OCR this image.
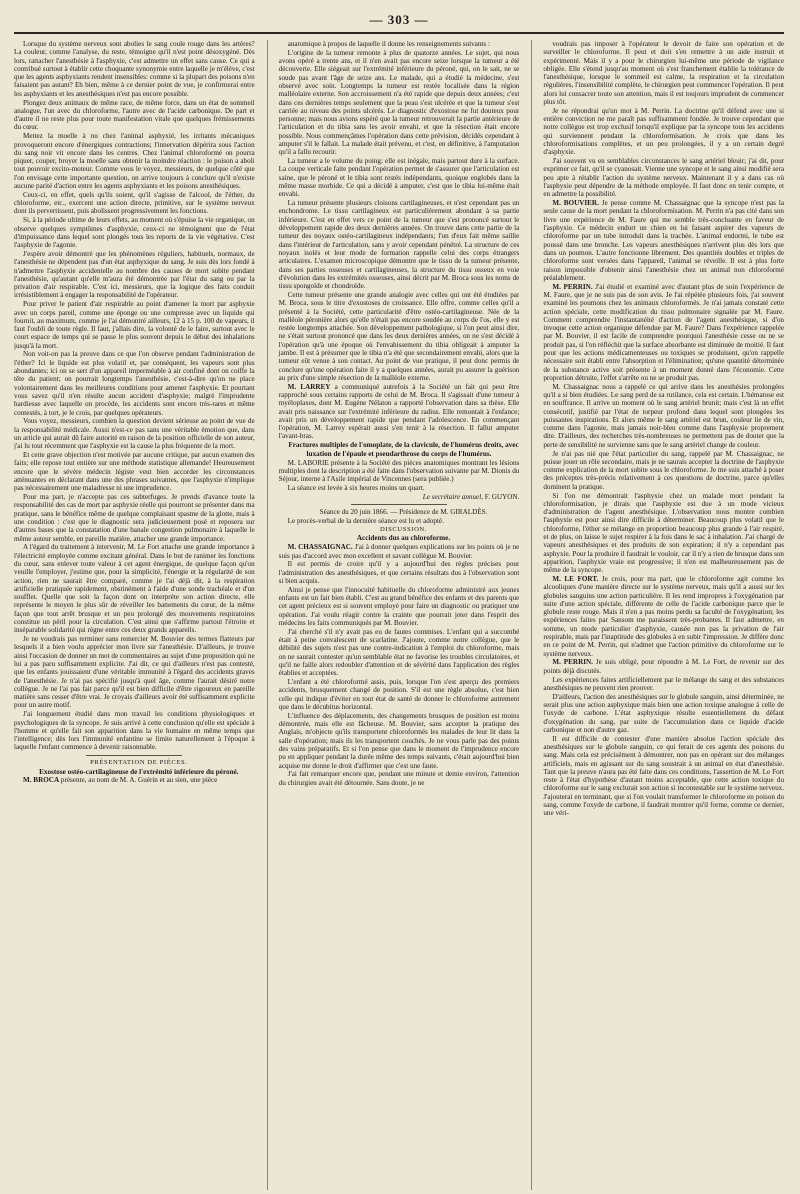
— 303 —

Lorsque du système nerveux sont abolies le sang coule rouge dans les artères? La couleur, comme l'analyse, du reste, témoigne qu'il n'est point désoxygéné. Dès lors, rattacher l'anesthésie à l'asphyxie, c'est admettre un effet sans cause. Ce qui a contribué surtout à établir cette choquante synonymie entre laquelle je m'élève, c'est que les agents asphyxiants rendent insensibles: comme si la plupart des poisons n'en faisaient pas autant? Eh bien, même à ce dernier point de vue, je confirmerai entre les asphyxiants et les anesthésiques n'est pas encore possible.

Plongez deux animaux de même race, de même force, dans un état de sommeil analogue, l'un avec du chloroforme, l'autre avec de l'acide carbonique. De part et d'autre il ne reste plus pour toute manifestation vitale que quelques frémissements du cœur.

Mettez la moelle à nu chez l'animal asphyxié, les irritants mécaniques provoqueront encore d'énergiques contractions; l'innervation dépérira sous l'action du sang noir vit encore dans les centres. Chez l'animal chloroformé on pourra piquer, couper, broyer la moelle sans obtenir la moindre réaction : le poison a aboli tout pouvoir excito-moteur. Comme vous le voyez, messieurs, de quelque côté que l'on envisage cette importante question, on arrive toujours à conclure qu'il n'existe aucune parité d'action entre les agents asphyxiants et les poisons anesthésiques.

Ceux-ci, en effet, quels qu'ils soient, qu'il s'agisse de l'alcool, de l'éther, du chloroforme, etc., exercent une action directe, primitive, sur le système nerveux dont ils pervertissent, puis abolissent progressivement les fonctions.

Si, à la période ultime de leurs effets, au moment où s'épuise la vie organique, on observe quelques symptômes d'asphyxie, ceux-ci ne témoignent que de l'état d'impuissance dans lequel sont plongés tous les reports de la vie végétative. C'est l'asphyxie de l'agonie.

J'espère avoir démontré que les phénomènes réguliers, habituels, normaux, de l'anesthésie ne dépendent pas d'un état asphyxique du sang. Je suis dès lors fondé à n'admettre l'asphyxie accidentelle au nombre des causes de mort subite pendant l'anesthésie, qu'autant qu'elle m'aura été démontrée par l'état du sang ou par la privation d'air respirable. C'est ici, messieurs, que la logique des faits conduit irrésistiblement à engager la responsabilité de l'opérateur.

Pour priver le patient d'air respirable au point d'amener la mort par asphyxie avec un corps pareil, comme une éponge ou une compresse avec un liquide qui fournit, au maximum, comme je l'ai démontré ailleurs, 12 à 15 p. 100 de vapeurs, il faut l'oubli de toute règle. Il faut, j'allais dire, la volonté de le faire, surtout avec le court espace de temps qui se passe le plus souvent depuis le début des inhalations jusqu'à la mort.

Non voit-on pas la preuve dans ce que l'on observe pendant l'administration de l'éther? Ici le liquide est plus volatil et, par conséquent, les vapeurs sont plus abondantes; ici on se sert d'un appareil imperméable à air confiné dont on coiffe la tête du patient; on pourrait longtemps l'anesthésie, c'est-à-dire qu'on ne place volontairement dans les meilleures conditions pour amener l'asphyxie. Et pourtant vous savez qu'il n'en résulte aucun accident d'asphyxie; malgré l'imprudente hardiesse avec laquelle on procède, les accidents sont encore très-rares et même contestés, à tort, je le crois, par quelques opérateurs.

Vous voyez, messieurs, combien la question devient sérieuse au point de vue de la responsabilité médicale. Aussi n'est-ce pas sans une véritable émotion que, dans un article qui aurait dû faire autorité en raison de la position officielle de son auteur, j'ai lu tout récemment que l'asphyxie est la cause la plus fréquente de la mort.

Et cette grave objection n'est motivée par aucune critique, par aucun examen des faits; elle repose tout entière sur une méthode statistique allemande! Heureusement encore que le sévère médecin légiste veut bien accorder les circonstances atténuantes en déclarant dans une des phrases suivantes, que l'asphyxie n'implique pas nécessairement une maladresse ni une imprudence.

Pour ma part, je n'accepte pas ces subterfuges. Je prends d'avance toute la responsabilité des cas de mort par asphyxie réelle qui pourront se présenter dans ma pratique, sans le bénéfice même de quelque complaisant spasme de la glotte, mais à une condition : c'est que le diagnostic sera judicieusement posé et reposera sur d'autres bases que la constatation d'une banale congestion pulmonaire à laquelle le même auteur semble, en pareille matière, attacher une grande importance.

A l'égard du traitement à intervenir, M. Le Fort attache une grande importance à l'électricité employée comme excitant général. Dans le but de ranimer les fonctions du cœur, sans enlever toute valeur à cet agent énergique, de quelque façon qu'on veuille l'employer, j'estime que, pour la simplicité, l'énergie et la régularité de son action, rien ne saurait être comparé, comme je l'ai déjà dit, à la respiration artificielle pratiquée rapidement, obstinément à l'aide d'une sonde trachéale et d'un soufflet. Quelle que soit la façon dont on interprète son action directe, elle représente le moyen le plus sûr de réveiller les battements du cœur, de la même façon que tout arrêt brusque et un peu prolongé des mouvements respiratoires constitue un péril pour la circulation. C'est ainsi que s'affirme partout l'étroite et inséparable solidarité qui règne entre ces deux grands appareils.

Je ne voudrais pas terminer sans remercier M. Bouvier des termes flatteurs par lesquels il a bien voulu apprécier mon livre sur l'anesthésie. D'ailleurs, je trouve ainsi l'occasion de donner un mot de commentaires au sujet d'une proposition qui ne lui a pas paru suffisamment explicite. J'ai dit, ce qui d'ailleurs n'est pas contesté, que les enfants jouissaient d'une véritable immunité à l'égard des accidents graves de l'anesthésie. Je n'ai pas spécifié jusqu'à quel âge, comme l'aurait désiré notre collègue. Je ne l'ai pas fait parce qu'il est bien difficile d'être rigoureux en pareille matière sans cesser d'être vrai. Je croyais d'ailleurs avoir été suffisamment explicite pour un autre motif.

J'ai longuement étudié dans mon travail les conditions physiologiques et psychologiques de la syncope. Je suis arrivé à cette conclusion qu'elle est spéciale à l'homme et qu'elle fait son apparition dans la vie humaine en même temps que l'intelligence; dès lors l'immunité enfantine se limite naturellement à l'époque à laquelle l'enfant commence à devenir raisonnable.

PRÉSENTATION DE PIÈCES.

Exostose ostéo-cartilagineuse de l'extrémité inférieure du péroné.

M. BROCA présente, au nom de M. A. Guérin et au sien, une pièce

anatomique à propos de laquelle il donne les renseignements suivants :

L'origine de la tumeur remonte à plus de quatorze années. Le sujet, qui nous avons opéré a trente ans, et il n'en avait pas encore seize lorsque la tumeur a été découverte. Elle siégeait sur l'extrémité inférieure du péroné, qui, on le sait, ne se soude pas avant l'âge de seize ans. Le malade, qui a étudié la médecine, s'est observé avec soin. Longtemps la tumeur est restée localisée dans la région malléolaire externe. Son accroissement n'a été rapide que depuis deux années; c'est dans ces dernières temps seulement que la peau s'est ulcérée et que la tumeur s'est carriée au niveau des points ulcérés. Le diagnostic d'exostose ne fut douteux pour personne; mais nous avions espéré que la tumeur retrouverait la partie antérieure de l'articulation et du tibia sans les avoir envahi, et que la résection était encore possible. Nous commençâmes l'opération dans cette prévision, décidés cependant à amputer s'il le fallait. La malade était prévenu, et c'est, en définitive, à l'amputation qu'il a fallu recourir.

La tumeur a le volume du poing; elle est inégale, mais partout dure à la surface. La coupe verticale faite pendant l'opération permet de s'assurer que l'articulation est saine, que le péroné et le tibia sont restés indépendants, quoique englobés dans la même masse morbide. Ce qui a décidé à amputer, c'est que le tibia lui-même était envahi.

La tumeur présente plusieurs cloisons cartilagineuses, et n'est cependant pas un enchondrome. Le tissu cartilagineux est particulièrement abondant à sa partie inférieure. C'est en effet vers ce point de la tumeur que s'est prononcé surtout le développement rapide des deux dernières années. On trouve dans cette partie de la tumeur des noyaux ostéo-cartilagineux indépendants; l'un d'eux fait même saillie dans l'intérieur de l'articulation, sans y avoir cependant pénétré. La structure de ces noyaux isolés et leur mode de formation rappelle celui des corps étrangers articulaires. L'examen microscopique démontre que le tissu de la tumeur présente, dans ses parties osseuses et cartilagineuses, la structure du tissu osseux en voie d'évolution dans les extrémités osseuses, ainsi décrit par M. Broca sous les noms de tissu spongoïde et chondroïde.

Cette tumeur présente une grande analogie avec celles qui ont été étudiées par M. Broca, sous le titre d'exostoses de croissance. Elle offre, comme celles qu'il a présenté à la Société, cette particularité d'être ostéo-cartilagineuse. Née de la malléole péronière alors qu'elle n'était pas encore soudée au corps de l'os, elle y est restée longtemps attachée. Son développement pathologique, si l'on peut ainsi dire, ne s'était surtout prononcé que dans les deux dernières années, on ne s'est décidé à l'opération qu'à une époque où l'envahissement du tibia obligeait à amputer la jambe. Il est à présumer que le tibia n'a été que secondairement envahi, alors que la tumeur eût venue à son contact. Au point de vue pratique, il peut donc permis de conclure qu'une opération faite il y a quelques années, aurait pu assurer la guérison au prix d'une simple résection de la malléole externe.

M. LARREY a communiqué autrefois à la Société un fait qui peut être rapproché sous certains rapports de celui de M. Broca. Il s'agissait d'une tumeur à myéloplaxes, dont M. Eugène Nélaton a rapporté l'observation dans sa thèse. Elle avait pris naissance sur l'extrémité inférieure du radius. Elle remontait à l'enfance; avait pris un développement rapide que pendant l'adolescence. En commençant l'opération, M. Larrey espérait aussi s'en tenir à la résection. Il fallut amputer l'avant-bras.

Fractures multiples de l'omoplate, de la clavicule, de l'humérus droits, avec luxation de l'épaule et pseudarthrose du corps de l'humérus.

M. LABORIE présente à la Société des pièces anatomiques montrant les lésions multiples dont la description a été faite dans l'observation suivante par M. Dionis du Séjour, interne à l'Asile impérial de Vincennes (sera publiée.)

La séance est levée à six heures moins un quart.

Le secrétaire annuel, F. GUYON.

Séance du 20 juin 1866. — Présidence de M. GIRALDÈS.

Le procès-verbal de la dernière séance est lu et adopté.

DISCUSSION.

Accidents dus au chloroforme.

M. CHASSAIGNAC. J'ai à donner quelques explications sur les points où je ne suis pas d'accord avec mon excellent et savant collègue M. Bouvier.

Il est permis de croire qu'il y a aujourd'hui des règles précises pour l'administration des anesthésiques, et que certains résultats dus à l'observation sont si bien acquis.

Ainsi je pense que l'innocuité habituelle du chloroforme administré aux jeunes enfants est un fait bien établi. C'est au grand bénéfice des enfants et des parents que cet agent précieux est si souvent employé pour faire un diagnostic ou pratiquer une opération. J'ai voulu réagir contre la crainte que pourrait jeter dans l'esprit des médecins les faits communiqués par M. Bouvier.

J'ai cherché s'il n'y avait pas eu de fautes commises. L'enfant qui a succombé était à peine convalescent de scarlatine. J'ajoute, comme notre collègue, que le débilité des sujets n'est pas une contre-indication à l'emploi du chloroforme, mais on ne saurait contester qu'un semblable état ne favorise les troubles circulatoires, et qu'il ne faille alors redoubler d'attention et de sévérité dans l'application des règles établies et acceptées.

L'enfant a été chloroformé assis, puis, lorsque l'on s'est aperçu des premiers accidents, brusquement changé de position. S'il est une règle absolue, c'est bien celle qui indique d'éviter en tout état de santé de donner le chloroforme autrement que dans le décubitus horizontal.

L'influence des déplacements, des changements brusques de position est moins démontrée, mais elle est fâcheuse. M. Bouvier, sans accepter la pratique des Anglais, m'objecte qu'ils transportent chloroformés les malades de leur lit dans la salle d'opération; mais ils les transportent couchés. Je ne vous parle pas des points des vains préparatifs. Et si l'on pense que dans le moment de l'imprudence encore pu en appliquer pendant la durée même des temps suivants, c'était aujourd'hui bien acquise me donne le droit d'affirmer que c'est une faute.

J'ai fait remarquer encore que, pendant une minute et demie environ, l'attention du chirurgien avait été détournée. Sans doute, je ne

voudrais pas imposer à l'opérateur le devoir de faire son opération et de surveiller le chloroforme. Il peut et doit s'en remettre à un aide instruit et expérimenté. Mais il y a pour le chirurgien lui-même une période de vigilance obligée. Elle s'étend jusqu'au moment où s'est franchement établie la tolérance de l'anesthésique, lorsque le sommeil est calme, la respiration et la circulation régulières, l'insensibilité complète, le chirurgien peut commencer l'opération. Il peut alors lui consacrer toute son attention, mais il est toujours imprudent de commencer plus tôt.

Je ne répondrai qu'un mot à M. Perrin. La doctrine qu'il défend avec une si entière conviction ne me paraît pas suffisamment fondée. Je trouve cependant que notre collègue est trop exclusif lorsqu'il explique par la syncope tous les accidents qui surviennent pendant la chloroformisation. Je crois que dans les chloroformisations complètes, et un peu prolongées, il y a un certain degré d'asphyxie.

J'ai souvent vu en semblables circonstances le sang artériel bleuir; j'ai dit, pour exprimer ce fait, qu'il se cyanosait. Vienne une syncope et le sang ainsi modifié sera peu apte à rétablir l'action du système nerveux. Maintenant il y a dans cas où l'asphyxie peut dépendre de la méthode employée. Il faut donc en tenir compte, et en admettre la possibilité.

M. BOUVIER. Je pense comme M. Chassaignac que la syncope n'est pas la seule cause de la mort pendant la chloroformisation. M. Perrin n'a pas cité dans son livre une expérience de M. Faure qui me semble très-concluante en faveur de l'asphyxie. Ce médecin endort un chien en lui faisant aspirer des vapeurs de chloroforme par un tube introduit dans la trachée. L'animal endormi, le tube est poussé dans une bronche. Les vapeurs anesthésiques n'arrivent plus dès lors que dans un poumon. L'autre fonctionne librement. Des quantités doubles et triples de chloroforme sont versées dans l'appareil, l'animal se réveille. Il est à plus forte raison impossible d'obtenir ainsi l'anesthésie chez un animal non chloroformé préalablement.

M. PERRIN. J'ai étudié et examiné avec d'autant plus de soin l'expérience de M. Faure, que je ne suis pas de son avis. Je l'ai répétée plusieurs fois, j'ai souvent examiné les poumons chez les animaux chloroformés. Je n'ai jamais constaté cette action spéciale, cette modification du tissu pulmonaire signalée par M. Faure. Comment comprendre l'instantanéité d'action de l'agent anesthésique, si d'on invoque cette action organique défendue par M. Faure? Dans l'expérience rappelée par M. Bouvier, il est facile de comprendre pourquoi l'anesthésie cesse ou ne se produit pas, si l'on réfléchit que la surface absorbante est diminuée de moitié. Il faut pour que les actions médicamenteuses ou toxiques se produisent, qu'on rappelle nécessaire soit établi entre l'absorption et l'élimination; qu'une quantité déterminée de la substance active soit présente à un moment donné dans l'économie. Cette proportion détruite, l'effet s'arrête ou ne se produit pas.

M. Chassaignac nous a rappelé ce qui arrive dans les anesthésies prolongées qu'il a si bien étudiées. Le sang perd de sa rutilance, cela est certain. L'hématose est en souffrance. Il arrive un moment où le sang artériel brunit; mais c'est là un effet consécutif, justifié par l'état de torpeur profond dans lequel sont plongées les puissantes inspirations. Et alors même le sang artériel est brun, couleur lie de vin, comme dans l'agonie, mais jamais noir-bleu comme dans l'asphyxie proprement dite. D'ailleurs, des recherches très-nombreuses ne permettent pas de douter que la perte de sensibilité ne survienne sans que le sang artériel change de couleur.

Je n'ai pas nié que l'état particulier du sang, rappelé par M. Chassaignac, ne puisse jouer un rôle secondaire, mais je ne saurais accepter la doctrine de l'asphyxie comme explication de la mort subite sous le chloroforme. Je me suis attaché à poser des préceptes très-précis relativement à ces questions de doctrine, parce qu'elles dominent la pratique.

Si l'on me démontrait l'asphyxie chez un malade mort pendant la chloroformisation, je dirais que l'asphyxie est due à un mode vicieux d'administration de l'agent anesthésique. L'observation nous montre combien l'asphyxie est pour ainsi dire difficile à déterminer. Beaucoup plus volatil que le chloroforme, l'éther se mélange en proportion beaucoup plus grande à l'air respiré, et de plus, on laisse le sujet respirer à la fois dans le sac à inhalation. J'ai chargé de vapeurs anesthésiques et des produits de son expiration; il n'y a cependant pas asphyxie. Pour la produire il faudrait le vouloir, car il n'y a rien de brusque dans son apparition, l'asphyxie vraie est progressive; il n'en est malheureusement pas de même de la syncope.

M. LE FORT. Je crois, pour ma part, que le chloroforme agit comme les alcooliques d'une manière directe sur le système nerveux, mais qu'il a aussi sur les globules sanguins une action particulière. Il les rend impropres à l'oxygénation par suite d'une action spéciale, différente de celle de l'acide carbonique parce que le globule reste rouge. Mais il n'en a pas moins perdu sa faculté de l'oxygénation; les expériences faites par Sansom me paraissent très-probantes. Il faut admettre, en somme, un mode particulier d'asphyxie, causée non pas la privation de l'air respirable, mais par l'inaptitude des globules à en subir l'impression. Je diffère donc en ce point de M. Perrin, qui n'admet que l'action primitive du chloroforme sur le système nerveux.

M. PERRIN. Je suis obligé, pour répondre à M. Le Fort, de revenir sur des points déjà discutés.

Les expériences faites artificiellement par le mélange du sang et des substances anesthésiques ne peuvent rien prouver.

D'ailleurs, l'action des anesthésiques sur le globule sanguin, ainsi déterminée, ne serait plus une action asphyxique mais bien une action toxique analogue à celle de l'oxyde de carbone. L'état asphyxique résulte essentiellement du défaut d'oxygénation du sang, par suite de l'accumulation dans ce liquide d'acide carbonique et non d'autre gaz.

Il est difficile de contester d'une manière absolue l'action spéciale des anesthésiques sur le globule sanguin, ce qui ferait de ces agents des poisons du sang. Mais cela est précisément à démontrer, non pas en opérant sur des mélanges artificiels, mais en agissant sur du sang soustrait à un animal en état d'anesthésie. Tant que la preuve n'aura pas été faite dans ces conditions, l'assertion de M. Le Fort reste à l'état d'hypothèse d'autant moins acceptable, que cette action toxique du chloroforme sur le sang exclurait son action si incontestable sur le système nerveux. J'ajouterai en terminant, que si l'on voulait transformer le chloroforme en poison du sang, comme l'oxyde de carbone, il faudrait montrer qu'il forme, comme ce dernier, une véri-
